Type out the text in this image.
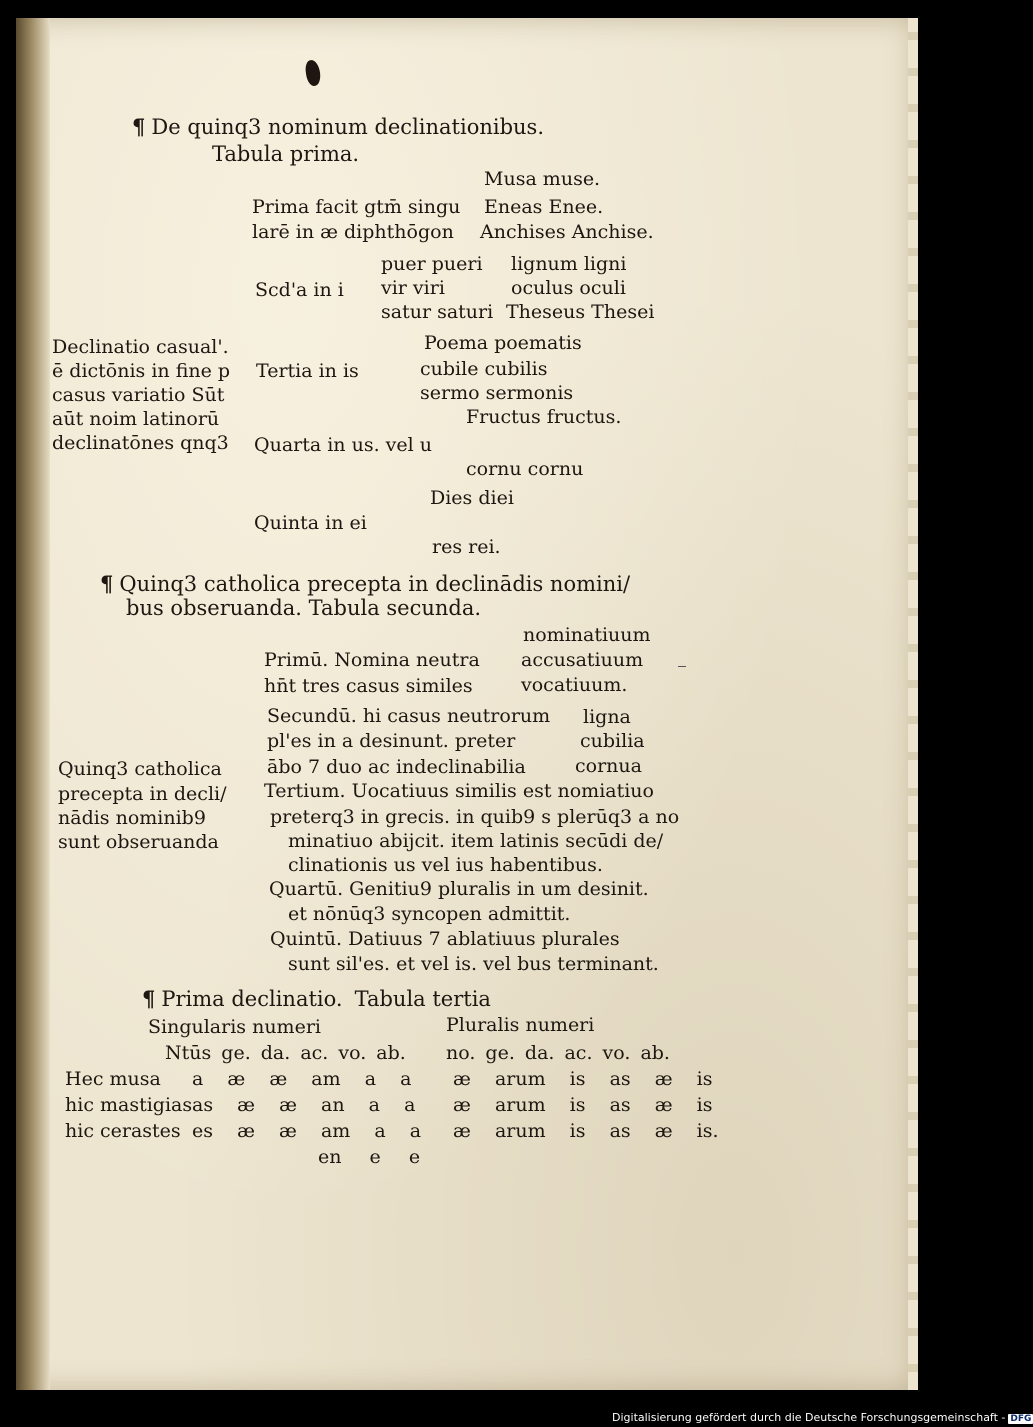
¶ De quinq3 nominum declinationibus.
Tabula prima.
Musa muse.
Prima facit gtm̄ singu
larē in æ diphthōgon
Eneas Enee.
Anchises Anchise.
Scd'a in i
puer pueri
vir viri
satur saturi
lignum ligni
oculus oculi
Theseus Thesei
Tertia in is
Poema poematis
cubile cubilis
sermo sermonis
Quarta in us. vel u
Fructus fructus.
cornu cornu
Quinta in ei
Dies diei
res rei.
Declinatio casual'.
ē dictōnis in fine p
casus variatio Sūt
aūt noim latinorū
declinatōnes qnq3
¶ Quinq3 catholica precepta in declinādis nomini/
bus obseruanda. Tabula secunda.
nominatiuum
accusatiuum
vocatiuum.
Primū. Nomina neutra
hn̄t tres casus similes
Secundū. hi casus neutrorum
pl'es in a desinunt. preter
ābo 7 duo ac indeclinabilia
ligna
cubilia
cornua
Tertium. Uocatiuus similis est nomiatiuo
preterq3 in grecis. in quib9 s plerūq3 a no
minatiuo abijcit. item latinis secūdi de/
clinationis us vel ius habentibus.
Quartū. Genitiu9 pluralis in um desinit.
et nōnūq3 syncopen admittit.
Quintū. Datiuus 7 ablatiuus plurales
sunt sil'es. et vel is. vel bus terminant.
Quinq3 catholica
precepta in decli/
nādis nominib9
sunt obseruanda
¶ Prima declinatio. Tabula tertia
Singularis numeri	Pluralis numeri
Ntūs ge. da. ac. vo. ab. no. ge. da. ac. vo. ab.
Hec musa a  æ  æ  am  a  a æ  arum  is  as  æ  is
hic mastigias as  æ  æ  an  a  a æ  arum  is  as  æ  is
hic cerastes es  æ  æ  am  a  a æ  arum  is  as  æ  is.
en  e  e
Digitalisierung gefördert durch die Deutsche Forschungsgemeinschaft - DFG
